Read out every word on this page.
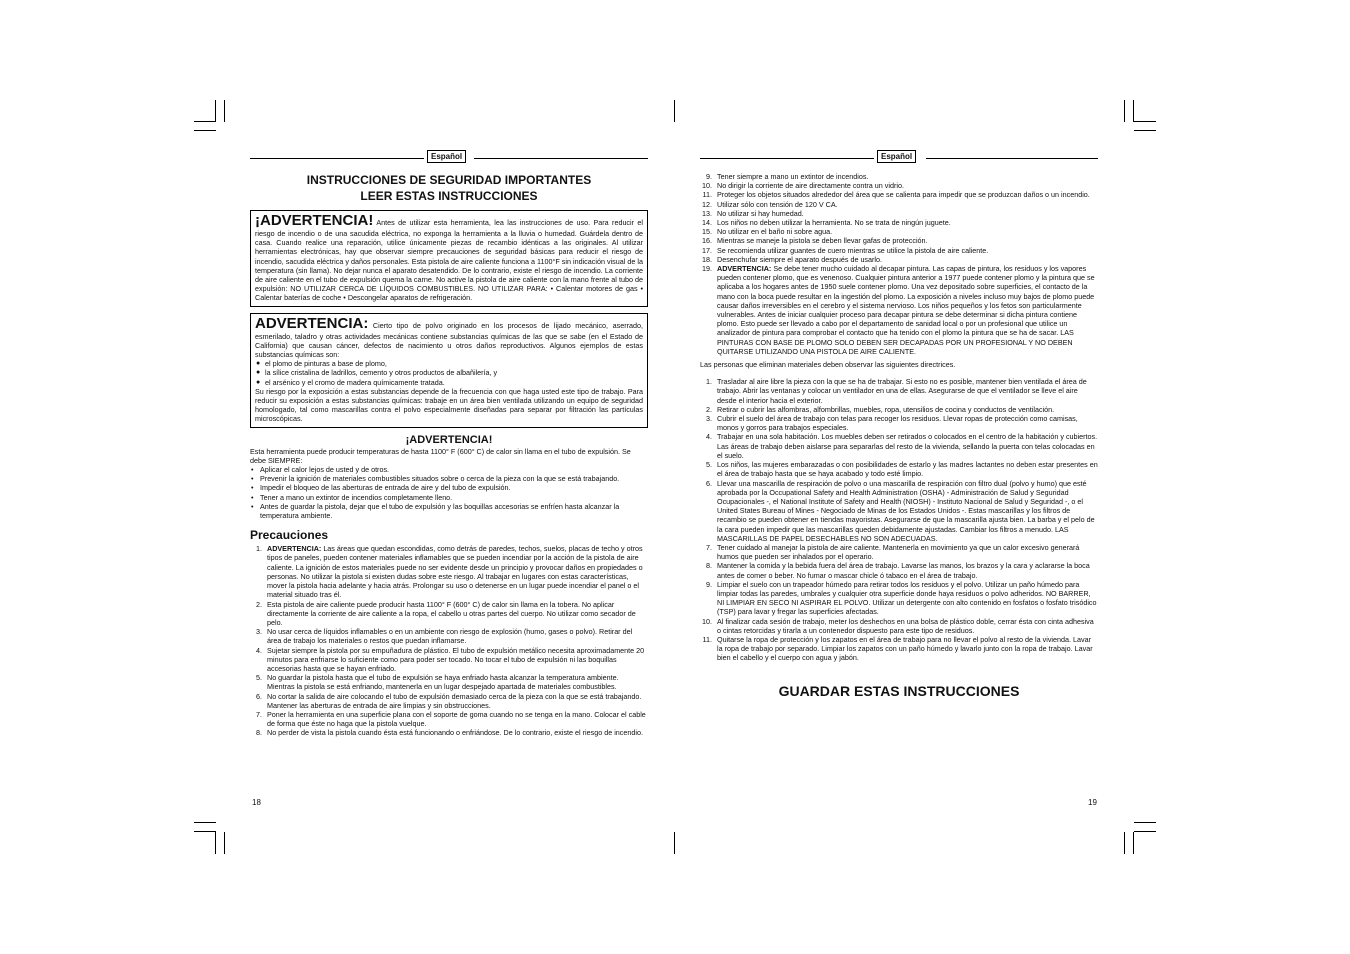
Español
INSTRUCCIONES DE SEGURIDAD IMPORTANTES
LEER ESTAS INSTRUCCIONES
¡ADVERTENCIA! Antes de utilizar esta herramienta, lea las instrucciones de uso. Para reducir el riesgo de incendio o de una sacudida eléctrica, no exponga la herramienta a la lluvia o humedad. Guárdela dentro de casa. Cuando realice una reparación, utilice únicamente piezas de recambio idénticas a las originales. Al utilizar herramientas electrónicas, hay que observar siempre precauciones de seguridad básicas para reducir el riesgo de incendio, sacudida eléctrica y daños personales. Esta pistola de aire caliente funciona a 1100°F sin indicación visual de la temperatura (sin llama). No dejar nunca el aparato desatendido. De lo contrario, existe el riesgo de incendio. La corriente de aire caliente en el tubo de expulsión quema la carne. No active la pistola de aire caliente con la mano frente al tubo de expulsión: NO UTILIZAR CERCA DE LÍQUIDOS COMBUSTIBLES. NO UTILIZAR PARA: • Calentar motores de gas • Calentar baterías de coche • Descongelar aparatos de refrigeración.
ADVERTENCIA: Cierto tipo de polvo originado en los procesos de lijado mecánico, aserrado, esmerilado, taladro y otras actividades mecánicas contiene substancias químicas de las que se sabe (en el Estado de California) que causan cáncer, defectos de nacimiento u otros daños reproductivos. Algunos ejemplos de estas substancias químicas son:
● el plomo de pinturas a base de plomo,
● la sílice cristalina de ladrillos, cemento y otros productos de albañilería, y
● el arsénico y el cromo de madera químicamente tratada.
Su riesgo por la exposición a estas substancias depende de la frecuencia con que haga usted este tipo de trabajo. Para reducir su exposición a estas substancias químicas: trabaje en un área bien ventilada utilizando un equipo de seguridad homologado, tal como mascarillas contra el polvo especialmente diseñadas para separar por filtración las partículas microscópicas.
¡ADVERTENCIA!
Esta herramienta puede producir temperaturas de hasta 1100° F (600° C) de calor sin llama en el tubo de expulsión. Se debe SIEMPRE:
• Aplicar el calor lejos de usted y de otros.
• Prevenir la ignición de materiales combustibles situados sobre o cerca de la pieza con la que se está trabajando.
• Impedir el bloqueo de las aberturas de entrada de aire y del tubo de expulsión.
• Tener a mano un extintor de incendios completamente lleno.
• Antes de guardar la pistola, dejar que el tubo de expulsión y las boquillas accesorias se enfríen hasta alcanzar la temperatura ambiente.
Precauciones
1. ADVERTENCIA: Las áreas que quedan escondidas, como detrás de paredes, techos, suelos, placas de techo y otros tipos de paneles, pueden contener materiales inflamables que se pueden incendiar por la acción de la pistola de aire caliente. La ignición de estos materiales puede no ser evidente desde un principio y provocar daños en propiedades o personas. No utilizar la pistola si existen dudas sobre este riesgo. Al trabajar en lugares con estas características, mover la pistola hacia adelante y hacia atrás. Prolongar su uso o detenerse en un lugar puede incendiar el panel o el material situado tras él.
2. Esta pistola de aire caliente puede producir hasta 1100° F (600° C) de calor sin llama en la tobera. No aplicar directamente la corriente de aire caliente a la ropa, el cabello u otras partes del cuerpo. No utilizar como secador de pelo.
3. No usar cerca de líquidos inflamables o en un ambiente con riesgo de explosión (humo, gases o polvo). Retirar del área de trabajo los materiales o restos que puedan inflamarse.
4. Sujetar siempre la pistola por su empuñadura de plástico. El tubo de expulsión metálico necesita aproximadamente 20 minutos para enfriarse lo suficiente como para poder ser tocado. No tocar el tubo de expulsión ni las boquillas accesorias hasta que se hayan enfriado.
5. No guardar la pistola hasta que el tubo de expulsión se haya enfriado hasta alcanzar la temperatura ambiente. Mientras la pistola se está enfriando, mantenerla en un lugar despejado apartada de materiales combustibles.
6. No cortar la salida de aire colocando el tubo de expulsión demasiado cerca de la pieza con la que se está trabajando. Mantener las aberturas de entrada de aire limpias y sin obstrucciones.
7. Poner la herramienta en una superficie plana con el soporte de goma cuando no se tenga en la mano. Colocar el cable de forma que éste no haga que la pistola vuelque.
8. No perder de vista la pistola cuando ésta está funcionando o enfriándose. De lo contrario, existe el riesgo de incendio.
18
Español
9. Tener siempre a mano un extintor de incendios.
10. No dirigir la corriente de aire directamente contra un vidrio.
11. Proteger los objetos situados alrededor del área que se calienta para impedir que se produzcan daños o un incendio.
12. Utilizar sólo con tensión de 120 V CA.
13. No utilizar si hay humedad.
14. Los niños no deben utilizar la herramienta. No se trata de ningún juguete.
15. No utilizar en el baño ni sobre agua.
16. Mientras se maneje la pistola se deben llevar gafas de protección.
17. Se recomienda utilizar guantes de cuero mientras se utilice la pistola de aire caliente.
18. Desenchufar siempre el aparato después de usarlo.
19. ADVERTENCIA: Se debe tener mucho cuidado al decapar pintura. Las capas de pintura, los residuos y los vapores pueden contener plomo, que es venenoso. Cualquier pintura anterior a 1977 puede contener plomo y la pintura que se aplicaba a los hogares antes de 1950 suele contener plomo. Una vez depositado sobre superficies, el contacto de la mano con la boca puede resultar en la ingestión del plomo. La exposición a niveles incluso muy bajos de plomo puede causar daños irreversibles en el cerebro y el sistema nervioso. Los niños pequeños y los fetos son particularmente vulnerables. Antes de iniciar cualquier proceso para decapar pintura se debe determinar si dicha pintura contiene plomo. Esto puede ser llevado a cabo por el departamento de sanidad local o por un profesional que utilice un analizador de pintura para comprobar el contacto que ha tenido con el plomo la pintura que se ha de sacar. LAS PINTURAS CON BASE DE PLOMO SOLO DEBEN SER DECAPADAS POR UN PROFESIONAL Y NO DEBEN QUITARSE UTILIZANDO UNA PISTOLA DE AIRE CALIENTE.
Las personas que eliminan materiales deben observar las siguientes directrices.
1. Trasladar al aire libre la pieza con la que se ha de trabajar. Si esto no es posible, mantener bien ventilada el área de trabajo. Abrir las ventanas y colocar un ventilador en una de ellas. Asegurarse de que el ventilador se lleve el aire desde el interior hacia el exterior.
2. Retirar o cubrir las alfombras, alfombrillas, muebles, ropa, utensilios de cocina y conductos de ventilación.
3. Cubrir el suelo del área de trabajo con telas para recoger los residuos. Llevar ropas de protección como camisas, monos y gorros para trabajos especiales.
4. Trabajar en una sola habitación. Los muebles deben ser retirados o colocados en el centro de la habitación y cubiertos. Las áreas de trabajo deben aislarse para separarlas del resto de la vivienda, sellando la puerta con telas colocadas en el suelo.
5. Los niños, las mujeres embarazadas o con posibilidades de estarlo y las madres lactantes no deben estar presentes en el área de trabajo hasta que se haya acabado y todo esté limpio.
6. Llevar una mascarilla de respiración de polvo o una mascarilla de respiración con filtro dual (polvo y humo) que esté aprobada por la Occupational Safety and Health Administration (OSHA) - Administración de Salud y Seguridad Ocupacionales -, el National Institute of Safety and Health (NIOSH) - Instituto Nacional de Salud y Seguridad -, o el United States Bureau of Mines - Negociado de Minas de los Estados Unidos -. Estas mascarillas y los filtros de recambio se pueden obtener en tiendas mayoristas. Asegurarse de que la mascarilla ajusta bien. La barba y el pelo de la cara pueden impedir que las mascarillas queden debidamente ajustadas. Cambiar los filtros a menudo. LAS MASCARILLAS DE PAPEL DESECHABLES NO SON ADECUADAS.
7. Tener cuidado al manejar la pistola de aire caliente. Mantenerla en movimiento ya que un calor excesivo generará humos que pueden ser inhalados por el operario.
8. Mantener la comida y la bebida fuera del área de trabajo. Lavarse las manos, los brazos y la cara y aclararse la boca antes de comer o beber. No fumar o mascar chicle ó tabaco en el área de trabajo.
9. Limpiar el suelo con un trapeador húmedo para retirar todos los residuos y el polvo. Utilizar un paño húmedo para limpiar todas las paredes, umbrales y cualquier otra superficie donde haya residuos o polvo adheridos. NO BARRER, NI LIMPIAR EN SECO NI ASPIRAR EL POLVO. Utilizar un detergente con alto contenido en fosfatos o fosfato trisódico (TSP) para lavar y fregar las superficies afectadas.
10. Al finalizar cada sesión de trabajo, meter los deshechos en una bolsa de plástico doble, cerrar ésta con cinta adhesiva o cintas retorcidas y tirarla a un contenedor dispuesto para este tipo de residuos.
11. Quitarse la ropa de protección y los zapatos en el área de trabajo para no llevar el polvo al resto de la vivienda. Lavar la ropa de trabajo por separado. Limpiar los zapatos con un paño húmedo y lavarlo junto con la ropa de trabajo. Lavar bien el cabello y el cuerpo con agua y jabón.
GUARDAR ESTAS INSTRUCCIONES
19
